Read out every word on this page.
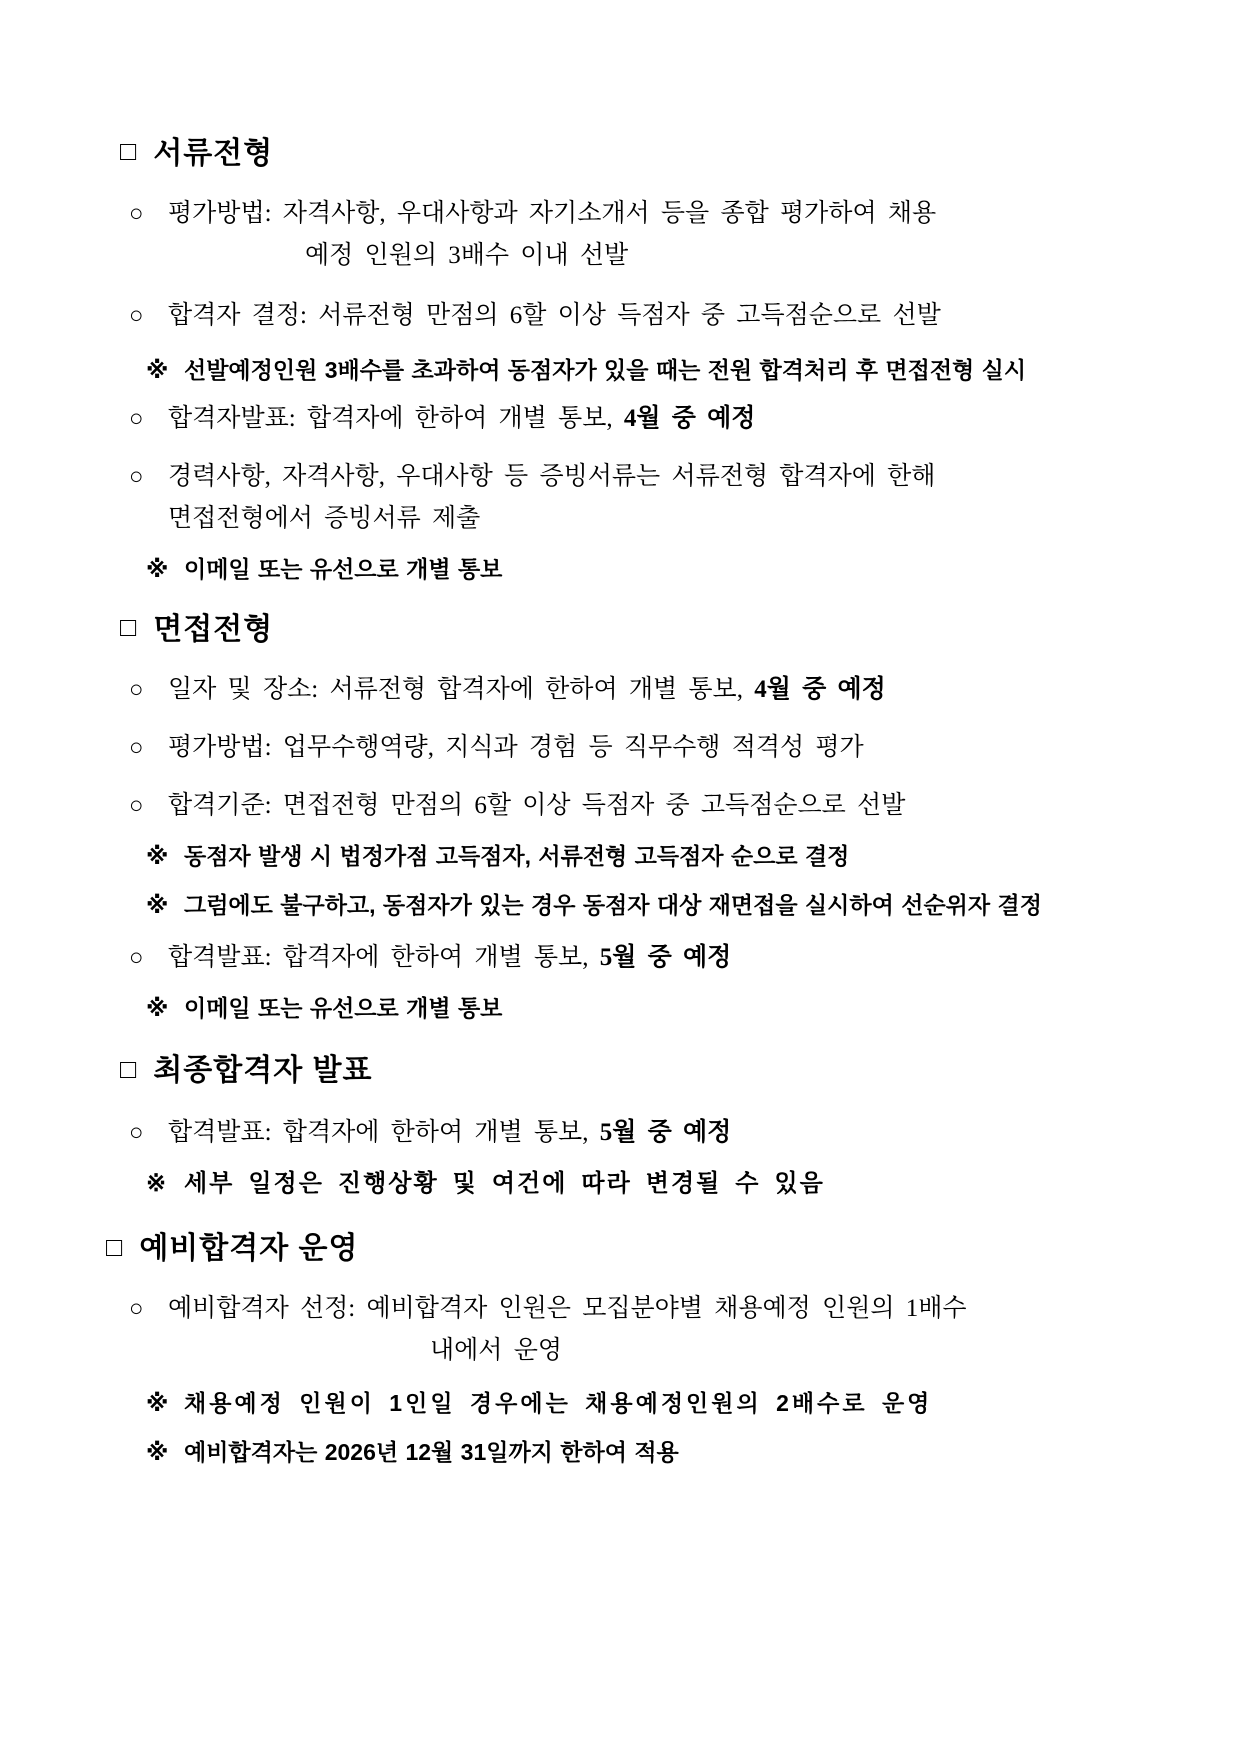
□ 서류전형
○ 평가방법: 자격사항, 우대사항과 자기소개서 등을 종합 평가하여 채용
예정 인원의 3배수 이내 선발
○ 합격자 결정: 서류전형 만점의 6할 이상 득점자 중 고득점순으로 선발
※ 선발예정인원 3배수를 초과하여 동점자가 있을 때는 전원 합격처리 후 면접전형 실시
○ 합격자발표: 합격자에 한하여 개별 통보, 4월 중 예정
○ 경력사항, 자격사항, 우대사항 등 증빙서류는 서류전형 합격자에 한해
면접전형에서 증빙서류 제출
※ 이메일 또는 유선으로 개별 통보
□ 면접전형
○ 일자 및 장소: 서류전형 합격자에 한하여 개별 통보, 4월 중 예정
○ 평가방법: 업무수행역량, 지식과 경험 등 직무수행 적격성 평가
○ 합격기준: 면접전형 만점의 6할 이상 득점자 중 고득점순으로 선발
※ 동점자 발생 시 법정가점 고득점자, 서류전형 고득점자 순으로 결정
※ 그럼에도 불구하고, 동점자가 있는 경우 동점자 대상 재면접을 실시하여 선순위자 결정
○ 합격발표: 합격자에 한하여 개별 통보, 5월 중 예정
※ 이메일 또는 유선으로 개별 통보
□ 최종합격자 발표
○ 합격발표: 합격자에 한하여 개별 통보, 5월 중 예정
※ 세부 일정은 진행상황 및 여건에 따라 변경될 수 있음
□ 예비합격자 운영
○ 예비합격자 선정: 예비합격자 인원은 모집분야별 채용예정 인원의 1배수
내에서 운영
※ 채용예정 인원이 1인일 경우에는 채용예정인원의 2배수로 운영
※ 예비합격자는 2026년 12월 31일까지 한하여 적용
